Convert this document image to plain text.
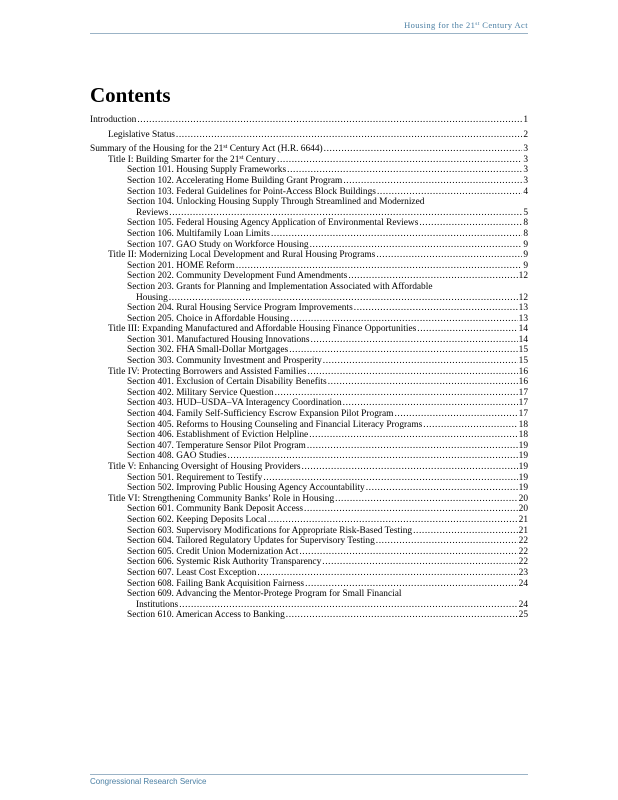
Housing for the 21st Century Act
Contents
Introduction .....	1
Legislative Status .....	2
Summary of the Housing for the 21st Century Act (H.R. 6644) .....	3
Title I: Building Smarter for the 21st Century .....	3
Section 101. Housing Supply Frameworks .....	3
Section 102. Accelerating Home Building Grant Program .....	3
Section 103. Federal Guidelines for Point-Access Block Buildings .....	4
Section 104. Unlocking Housing Supply Through Streamlined and Modernized
Reviews .....	5
Section 105. Federal Housing Agency Application of Environmental Reviews .....	8
Section 106. Multifamily Loan Limits .....	8
Section 107. GAO Study on Workforce Housing .....	9
Title II: Modernizing Local Development and Rural Housing Programs .....	9
Section 201. HOME Reform .....	9
Section 202. Community Development Fund Amendments .....	12
Section 203. Grants for Planning and Implementation Associated with Affordable
Housing .....	12
Section 204. Rural Housing Service Program Improvements .....	13
Section 205. Choice in Affordable Housing .....	13
Title III: Expanding Manufactured and Affordable Housing Finance Opportunities .....	14
Section 301. Manufactured Housing Innovations .....	14
Section 302. FHA Small-Dollar Mortgages .....	15
Section 303. Community Investment and Prosperity .....	15
Title IV: Protecting Borrowers and Assisted Families .....	16
Section 401. Exclusion of Certain Disability Benefits .....	16
Section 402. Military Service Question .....	17
Section 403. HUD–USDA–VA Interagency Coordination .....	17
Section 404. Family Self-Sufficiency Escrow Expansion Pilot Program .....	17
Section 405. Reforms to Housing Counseling and Financial Literacy Programs .....	18
Section 406. Establishment of Eviction Helpline .....	18
Section 407. Temperature Sensor Pilot Program .....	19
Section 408. GAO Studies .....	19
Title V: Enhancing Oversight of Housing Providers .....	19
Section 501. Requirement to Testify .....	19
Section 502. Improving Public Housing Agency Accountability .....	19
Title VI: Strengthening Community Banks’ Role in Housing .....	20
Section 601. Community Bank Deposit Access .....	20
Section 602. Keeping Deposits Local .....	21
Section 603. Supervisory Modifications for Appropriate Risk-Based Testing .....	21
Section 604. Tailored Regulatory Updates for Supervisory Testing .....	22
Section 605. Credit Union Modernization Act .....	22
Section 606. Systemic Risk Authority Transparency .....	22
Section 607. Least Cost Exception .....	23
Section 608. Failing Bank Acquisition Fairness .....	24
Section 609. Advancing the Mentor-Protege Program for Small Financial
Institutions .....	24
Section 610. American Access to Banking .....	25
Congressional Research Service
